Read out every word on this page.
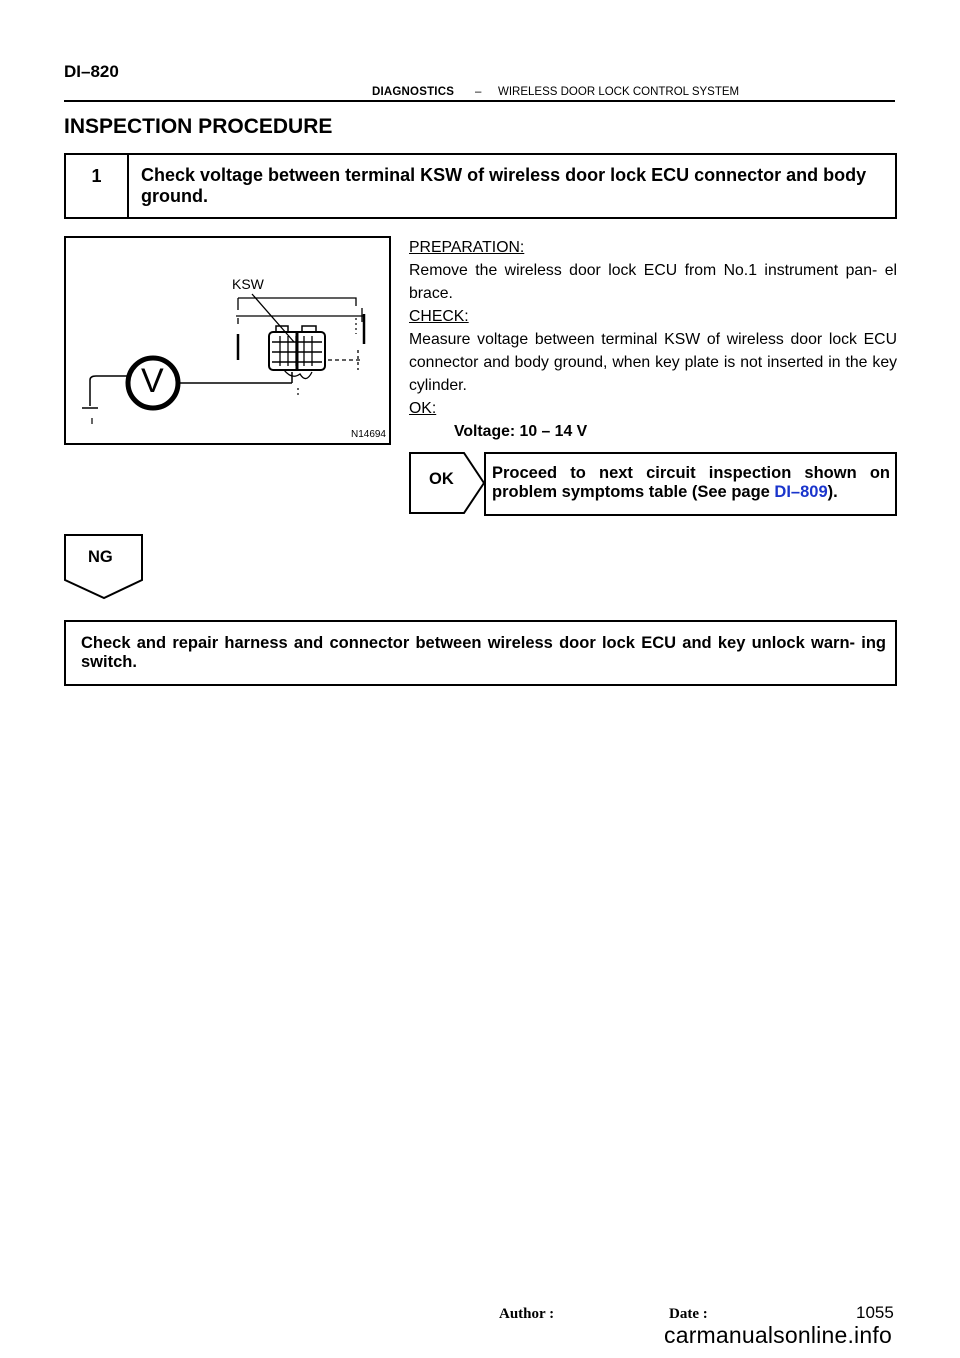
DI–820
DIAGNOSTICS – WIRELESS DOOR LOCK CONTROL SYSTEM
INSPECTION PROCEDURE
1	Check voltage between terminal KSW of wireless door lock ECU connector and body ground.
KSW
V
N14694
PREPARATION:
Remove the wireless door lock ECU from No.1 instrument pan- el brace.
CHECK:
Measure voltage between terminal KSW of wireless door lock ECU connector and body ground, when key plate is not inserted in the key cylinder.
OK:
Voltage: 10 – 14 V
OK Proceed to next circuit inspection shown on problem symptoms table (See page DI–809).
NG
Check and repair harness and connector between wireless door lock ECU and key unlock warn- ing switch.
Author :	Date :	1055
carmanualsonline.info
